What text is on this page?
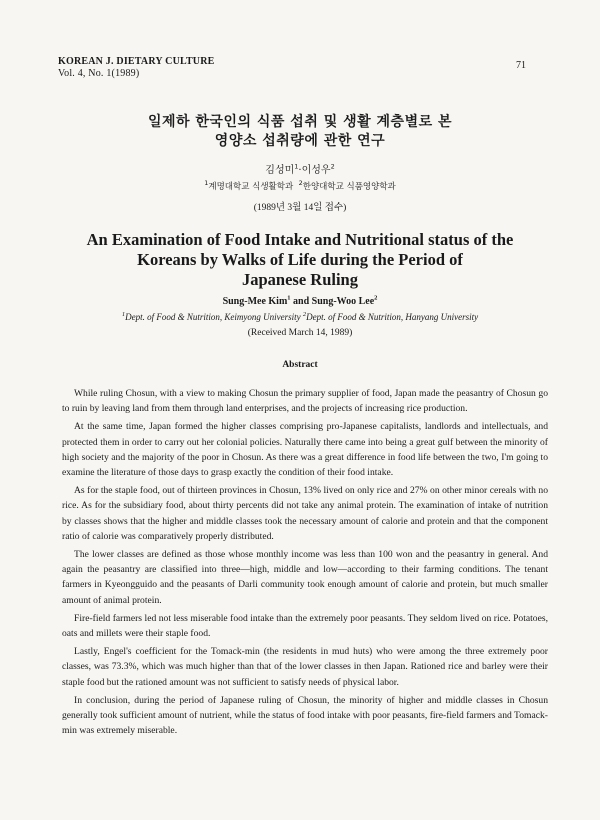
KOREAN J. DIETARY CULTURE
Vol. 4, No. 1(1989)
71
일제하 한국인의 식품 섭취 및 생활 계층별로 본
영양소 섭취량에 관한 연구
김성미$^1$·이성우$^2$
$^1$계명대학교 식생활학과 $^2$한양대학교 식품영양학과
(1989년 3월 14일 접수)
An Examination of Food Intake and Nutritional status of the
Koreans by Walks of Life during the Period of
Japanese Ruling
Sung-Mee Kim$^1$ and Sung-Woo Lee$^2$
$^1$Dept. of Food & Nutrition, Keimyong University $^2$Dept. of Food & Nutrition, Hanyang University
(Received March 14, 1989)
Abstract

While ruling Chosun, with a view to making Chosun the primary supplier of food, Japan made the peasantry of Chosun go to ruin by leaving land from them through land enterprises, and the projects of increasing rice production.

At the same time, Japan formed the higher classes comprising pro-Japanese capitalists, landlords and intellectuals, and protected them in order to carry out her colonial policies. Naturally there came into being a great gulf between the minority of high society and the majority of the poor in Chosun. As there was a great difference in food life between the two, I'm going to examine the literature of those days to grasp exactly the condition of their food intake.

As for the staple food, out of thirteen provinces in Chosun, 13% lived on only rice and 27% on other minor cereals with no rice. As for the subsidiary food, about thirty percents did not take any animal protein. The examination of intake of nutrition by classes shows that the higher and middle classes took the necessary amount of calorie and protein and that the component ratio of calorie was comparatively properly distributed.

The lower classes are defined as those whose monthly income was less than 100 won and the peasantry in general. And again the peasantry are classified into three—high, middle and low—according to their farming conditions. The tenant farmers in Kyeongguido and the peasants of Darli community took enough amount of calorie and protein, but much smaller amount of animal protein.

Fire-field farmers led not less miserable food intake than the extremely poor peasants. They seldom lived on rice. Potatoes, oats and millets were their staple food.

Lastly, Engel's coefficient for the Tomack-min (the residents in mud huts) who were among the three extremely poor classes, was 73.3%, which was much higher than that of the lower classes in then Japan. Rationed rice and barley were their staple food but the rationed amount was not sufficient to satisfy needs of physical labor.

In conclusion, during the period of Japanese ruling of Chosun, the minority of higher and middle classes in Chosun generally took sufficient amount of nutrient, while the status of food intake with poor peasants, fire-field farmers and Tomack-min was extremely miserable.
